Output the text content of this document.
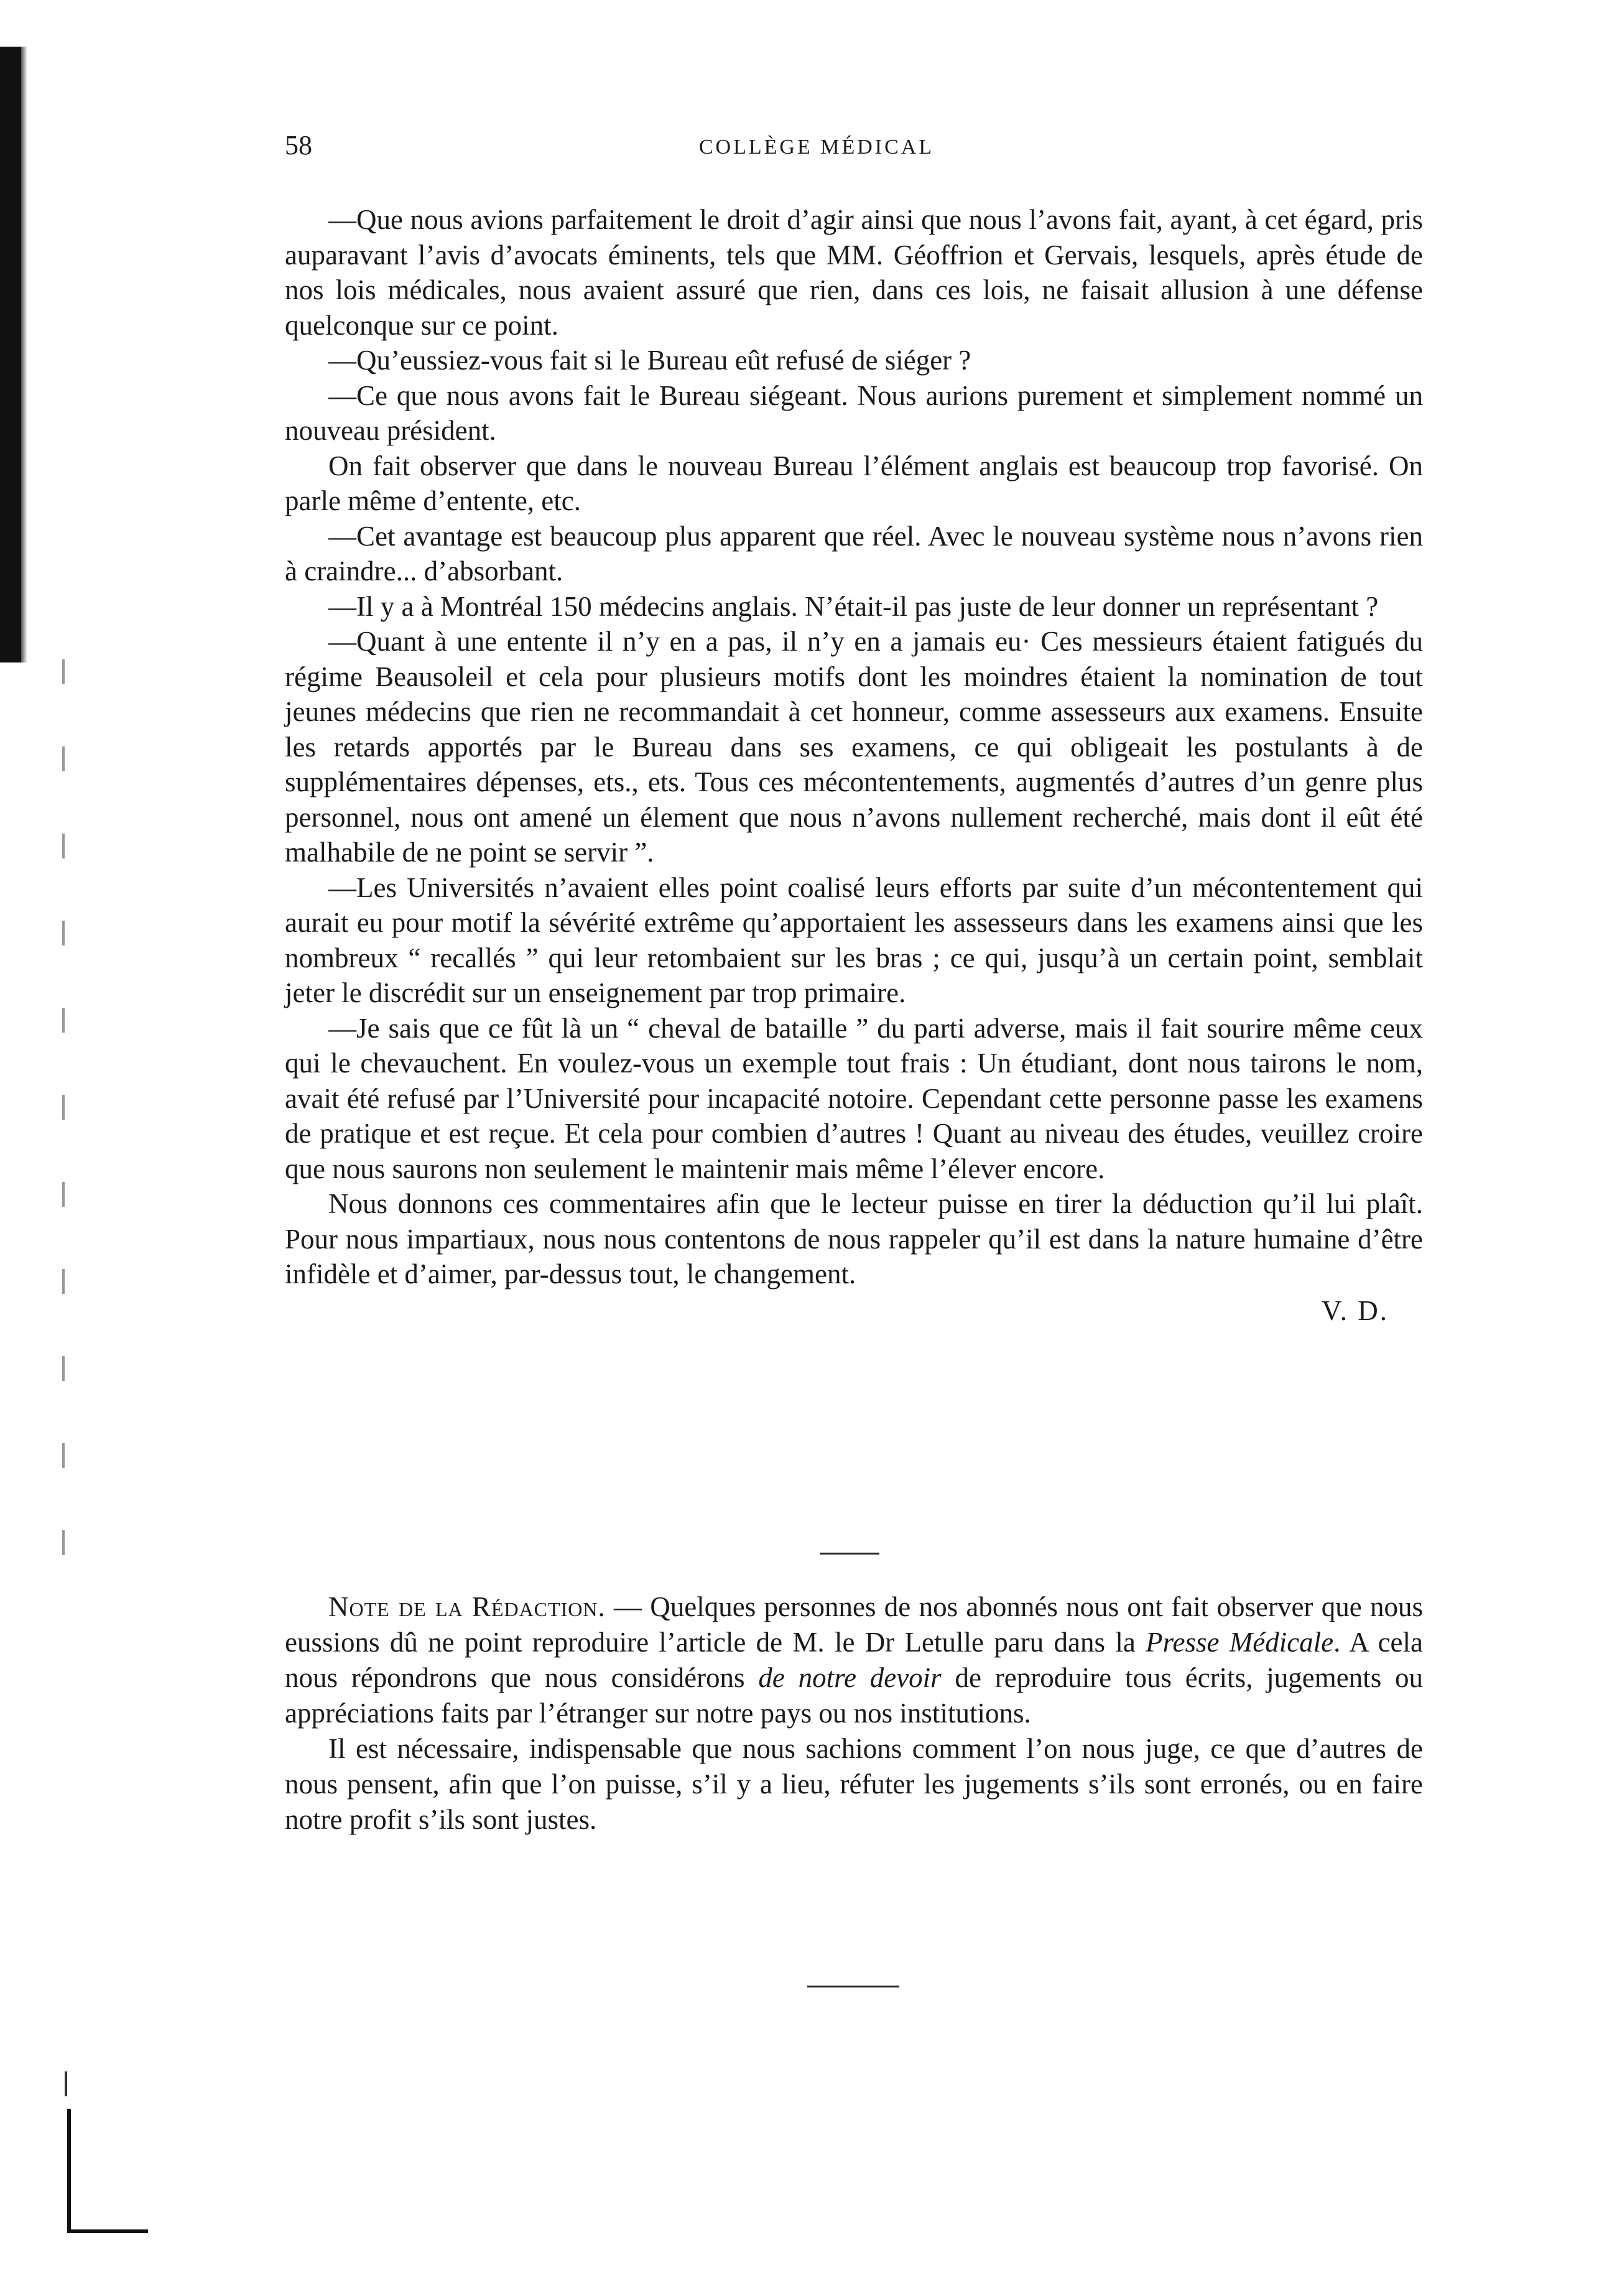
58	COLLÈGE MÉDICAL

—Que nous avions parfaitement le droit d’agir ainsi que nous l’avons fait, ayant, à cet égard, pris auparavant l’avis d’avocats éminents, tels que MM. Géoffrion et Gervais, lesquels, après étude de nos lois médicales, nous avaient assuré que rien, dans ces lois, ne faisait allusion à une défense quelconque sur ce point.

—Qu’eussiez-vous fait si le Bureau eût refusé de siéger ?

—Ce que nous avons fait le Bureau siégeant. Nous aurions purement et simplement nommé un nouveau président.

On fait observer que dans le nouveau Bureau l’élément anglais est beaucoup trop favorisé. On parle même d’entente, etc.

—Cet avantage est beaucoup plus apparent que réel. Avec le nouveau système nous n’avons rien à craindre... d’absorbant.

—Il y a à Montréal 150 médecins anglais. N’était-il pas juste de leur donner un représentant ?

—Quant à une entente il n’y en a pas, il n’y en a jamais eu· Ces messieurs étaient fatigués du régime Beausoleil et cela pour plusieurs motifs dont les moindres étaient la nomination de tout jeunes médecins que rien ne recommandait à cet honneur, comme assesseurs aux examens. Ensuite les retards apportés par le Bureau dans ses examens, ce qui obligeait les postulants à de supplémentaires dépenses, ets., ets. Tous ces mécontentements, augmentés d’autres d’un genre plus personnel, nous ont amené un élement que nous n’avons nullement recherché, mais dont il eût été malhabile de ne point se servir ”.

—Les Universités n’avaient elles point coalisé leurs efforts par suite d’un mécontentement qui aurait eu pour motif la sévérité extrême qu’apportaient les assesseurs dans les examens ainsi que les nombreux “ recallés ” qui leur retombaient sur les bras ; ce qui, jusqu’à un certain point, semblait jeter le discrédit sur un enseignement par trop primaire.

—Je sais que ce fût là un “ cheval de bataille ” du parti adverse, mais il fait sourire même ceux qui le chevauchent. En voulez-vous un exemple tout frais : Un étudiant, dont nous tairons le nom, avait été refusé par l’Université pour incapacité notoire. Cependant cette personne passe les examens de pratique et est reçue. Et cela pour combien d’autres ! Quant au niveau des études, veuillez croire que nous saurons non seulement le maintenir mais même l’élever encore.

Nous donnons ces commentaires afin que le lecteur puisse en tirer la déduction qu’il lui plaît. Pour nous impartiaux, nous nous contentons de nous rappeler qu’il est dans la nature humaine d’être infidèle et d’aimer, par-dessus tout, le changement.

V. D.

Note de la Rédaction. — Quelques personnes de nos abonnés nous ont fait observer que nous eussions dû ne point reproduire l’article de M. le Dr Letulle paru dans la Presse Médicale. A cela nous répondrons que nous considérons de notre devoir de reproduire tous écrits, jugements ou appréciations faits par l’étranger sur notre pays ou nos institutions.

Il est nécessaire, indispensable que nous sachions comment l’on nous juge, ce que d’autres de nous pensent, afin que l’on puisse, s’il y a lieu, réfuter les jugements s’ils sont erronés, ou en faire notre profit s’ils sont justes.
